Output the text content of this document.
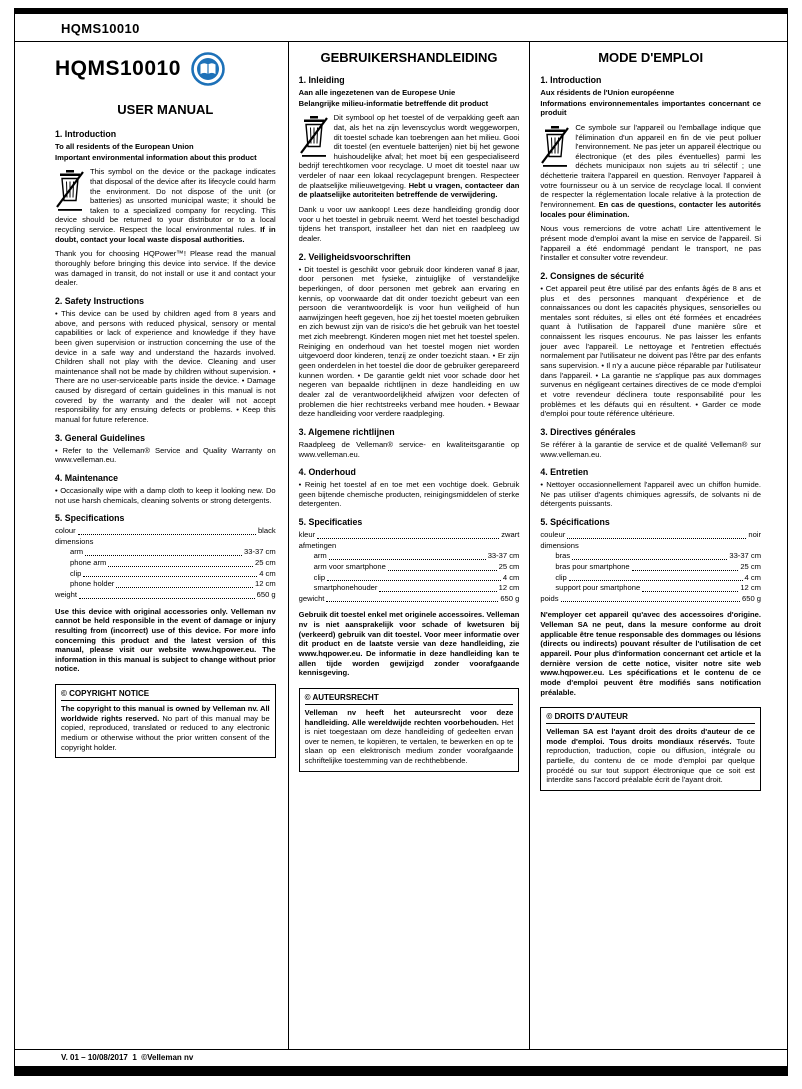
HQMS10010
HQMS10010
USER MANUAL
1. Introduction

To all residents of the European Union

Important environmental information about this product

This symbol on the device or the package indicates that disposal of the device after its lifecycle could harm the environment. Do not dispose of the unit (or batteries) as unsorted municipal waste; it should be taken to a specialized company for recycling. This device should be returned to your distributor or to a local recycling service. Respect the local environmental rules. If in doubt, contact your local waste disposal authorities.

Thank you for choosing HQPower™! Please read the manual thoroughly before bringing this device into service. If the device was damaged in transit, do not install or use it and contact your dealer.

2. Safety Instructions

• This device can be used by children aged from 8 years and above, and persons with reduced physical, sensory or mental capabilities or lack of experience and knowledge if they have been given supervision or instruction concerning the use of the device in a safe way and understand the hazards involved. Children shall not play with the device. Cleaning and user maintenance shall not be made by children without supervision. • There are no user-serviceable parts inside the device. • Damage caused by disregard of certain guidelines in this manual is not covered by the warranty and the dealer will not accept responsibility for any ensuing defects or problems. • Keep this manual for future reference.

3. General Guidelines

• Refer to the Velleman® Service and Quality Warranty on www.velleman.eu.

4. Maintenance

• Occasionally wipe with a damp cloth to keep it looking new. Do not use harsh chemicals, cleaning solvents or strong detergents.

5. Specifications
colour	black
dimensions
arm	33-37 cm
phone arm	25 cm
clip	4 cm
phone holder	12 cm
weight	650 g

Use this device with original accessories only. Velleman nv cannot be held responsible in the event of damage or injury resulting from (incorrect) use of this device. For more info concerning this product and the latest version of this manual, please visit our website www.hqpower.eu. The information in this manual is subject to change without prior notice.

© COPYRIGHT NOTICE

The copyright to this manual is owned by Velleman nv. All worldwide rights reserved. No part of this manual may be copied, reproduced, translated or reduced to any electronic medium or otherwise without the prior written consent of the copyright holder.

GEBRUIKERSHANDLEIDING
1. Inleiding

Aan alle ingezetenen van de Europese Unie

Belangrijke milieu-informatie betreffende dit product

Dit symbool op het toestel of de verpakking geeft aan dat, als het na zijn levenscyclus wordt weggeworpen, dit toestel schade kan toebrengen aan het milieu. Gooi dit toestel (en eventuele batterijen) niet bij het gewone huishoudelijke afval; het moet bij een gespecialiseerd bedrijf terechtkomen voor recyclage. U moet dit toestel naar uw verdeler of naar een lokaal recyclagepunt brengen. Respecteer de plaatselijke milieuwetgeving. Hebt u vragen, contacteer dan de plaatselijke autoriteiten betreffende de verwijdering.

Dank u voor uw aankoop! Lees deze handleiding grondig door voor u het toestel in gebruik neemt. Werd het toestel beschadigd tijdens het transport, installeer het dan niet en raadpleeg uw dealer.

2. Veiligheidsvoorschriften

• Dit toestel is geschikt voor gebruik door kinderen vanaf 8 jaar, door personen met fysieke, zintuiglijke of verstandelijke beperkingen, of door personen met gebrek aan ervaring en kennis, op voorwaarde dat dit onder toezicht gebeurt van een persoon die verantwoordelijk is voor hun veiligheid of hun aanwijzingen heeft gegeven, hoe zij het toestel moeten gebruiken en zich bewust zijn van de risico's die het gebruik van het toestel met zich meebrengt. Kinderen mogen niet met het toestel spelen. Reiniging en onderhoud van het toestel mogen niet worden uitgevoerd door kinderen, tenzij ze onder toezicht staan. • Er zijn geen onderdelen in het toestel die door de gebruiker gerepareerd kunnen worden. • De garantie geldt niet voor schade door het negeren van bepaalde richtlijnen in deze handleiding en uw dealer zal de verantwoordelijkheid afwijzen voor defecten of problemen die hier rechtstreeks verband mee houden. • Bewaar deze handleiding voor verdere raadpleging.

3. Algemene richtlijnen

Raadpleeg de Velleman® service- en kwaliteitsgarantie op www.velleman.eu.

4. Onderhoud

• Reinig het toestel af en toe met een vochtige doek. Gebruik geen bijtende chemische producten, reinigingsmiddelen of sterke detergenten.

5. Specificaties
kleur	zwart
afmetingen
arm	33-37 cm
arm voor smartphone	25 cm
clip	4 cm
smartphonehouder	12 cm
gewicht	650 g

Gebruik dit toestel enkel met originele accessoires. Velleman nv is niet aansprakelijk voor schade of kwetsuren bij (verkeerd) gebruik van dit toestel. Voor meer informatie over dit product en de laatste versie van deze handleiding, zie www.hqpower.eu. De informatie in deze handleiding kan te allen tijde worden gewijzigd zonder voorafgaande kennisgeving.

© AUTEURSRECHT

Velleman nv heeft het auteursrecht voor deze handleiding. Alle wereldwijde rechten voorbehouden. Het is niet toegestaan om deze handleiding of gedeelten ervan over te nemen, te kopiëren, te vertalen, te bewerken en op te slaan op een elektronisch medium zonder voorafgaande schriftelijke toestemming van de rechthebbende.

MODE D'EMPLOI
1. Introduction

Aux résidents de l'Union européenne

Informations environnementales importantes concernant ce produit

Ce symbole sur l'appareil ou l'emballage indique que l'élimination d'un appareil en fin de vie peut polluer l'environnement. Ne pas jeter un appareil électrique ou électronique (et des piles éventuelles) parmi les déchets municipaux non sujets au tri sélectif ; une déchetterie traitera l'appareil en question. Renvoyer l'appareil à votre fournisseur ou à un service de recyclage local. Il convient de respecter la réglementation locale relative à la protection de l'environnement. En cas de questions, contacter les autorités locales pour élimination.

Nous vous remercions de votre achat! Lire attentivement le présent mode d'emploi avant la mise en service de l'appareil. Si l'appareil a été endommagé pendant le transport, ne pas l'installer et consulter votre revendeur.

2. Consignes de sécurité

• Cet appareil peut être utilisé par des enfants âgés de 8 ans et plus et des personnes manquant d'expérience et de connaissances ou dont les capacités physiques, sensorielles ou mentales sont réduites, si elles ont été formées et encadrées quant à l'utilisation de l'appareil d'une manière sûre et connaissent les risques encourus. Ne pas laisser les enfants jouer avec l'appareil. Le nettoyage et l'entretien effectués normalement par l'utilisateur ne doivent pas l'être par des enfants sans supervision. • Il n'y a aucune pièce réparable par l'utilisateur dans l'appareil. • La garantie ne s'applique pas aux dommages survenus en négligeant certaines directives de ce mode d'emploi et votre revendeur déclinera toute responsabilité pour les problèmes et les défauts qui en résultent. • Garder ce mode d'emploi pour toute référence ultérieure.

3. Directives générales

Se référer à la garantie de service et de qualité Velleman® sur www.velleman.eu.

4. Entretien

• Nettoyer occasionnellement l'appareil avec un chiffon humide. Ne pas utiliser d'agents chimiques agressifs, de solvants ni de détergents puissants.

5. Spécifications
couleur	noir
dimensions
bras	33-37 cm
bras pour smartphone	25 cm
clip	4 cm
support pour smartphone	12 cm
poids	650 g

N'employer cet appareil qu'avec des accessoires d'origine. Velleman SA ne peut, dans la mesure conforme au droit applicable être tenue responsable des dommages ou lésions (directs ou indirects) pouvant résulter de l'utilisation de cet appareil. Pour plus d'information concernant cet article et la dernière version de cette notice, visiter notre site web www.hqpower.eu. Les spécifications et le contenu de ce mode d'emploi peuvent être modifiés sans notification préalable.

© DROITS D'AUTEUR

Velleman SA est l'ayant droit des droits d'auteur de ce mode d'emploi. Tous droits mondiaux réservés. Toute reproduction, traduction, copie ou diffusion, intégrale ou partielle, du contenu de ce mode d'emploi par quelque procédé ou sur tout support électronique que ce soit est interdite sans l'accord préalable écrit de l'ayant droit.

V. 01 – 10/08/2017  1  ©Velleman nv
